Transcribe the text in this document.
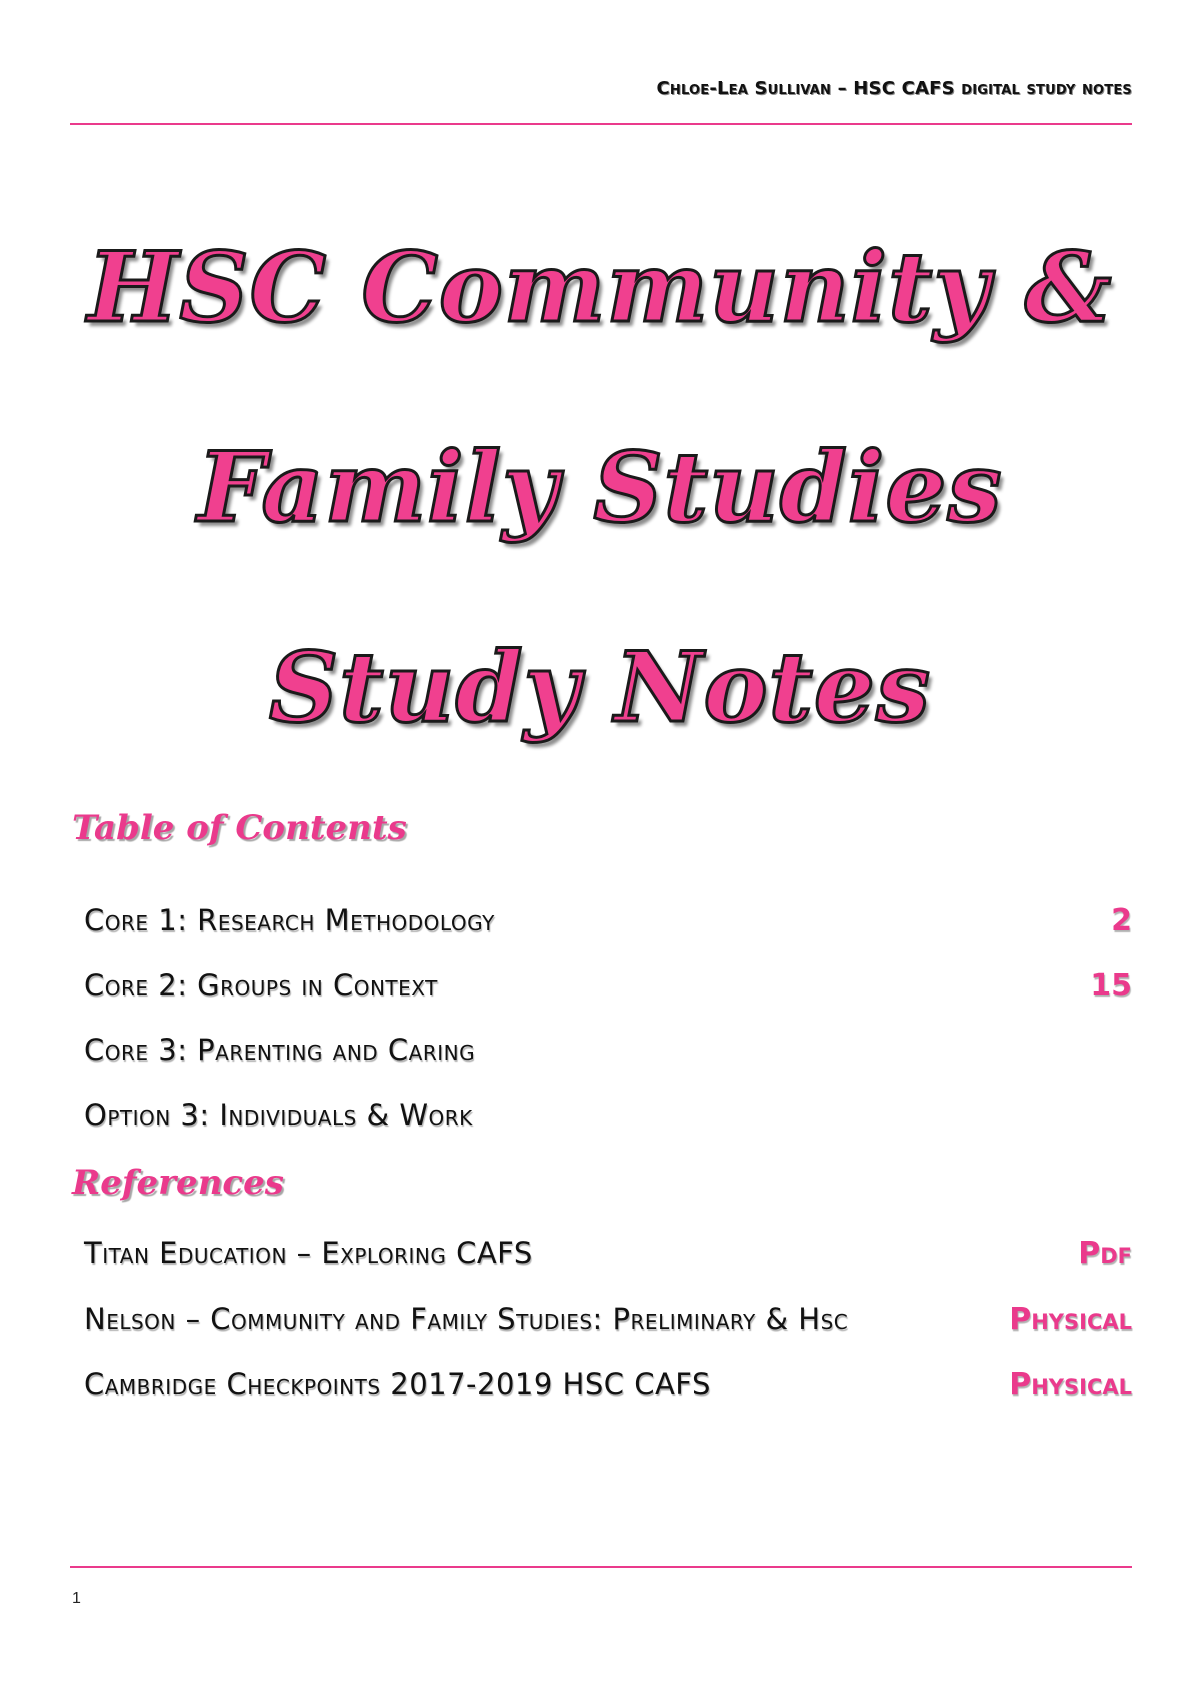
Chloe-Lea Sullivan – HSC CAFS digital study notes
HSC Community &
Family Studies
Study Notes
Table of Contents
Core 1: Research Methodology	2
Core 2: Groups in Context	15
Core 3: Parenting and Caring
Option 3: Individuals & Work
References
Titan Education – Exploring CAFS	Pdf
Nelson – Community and Family Studies: Preliminary & Hsc	Physical
Cambridge Checkpoints 2017-2019 HSC CAFS	Physical
1
